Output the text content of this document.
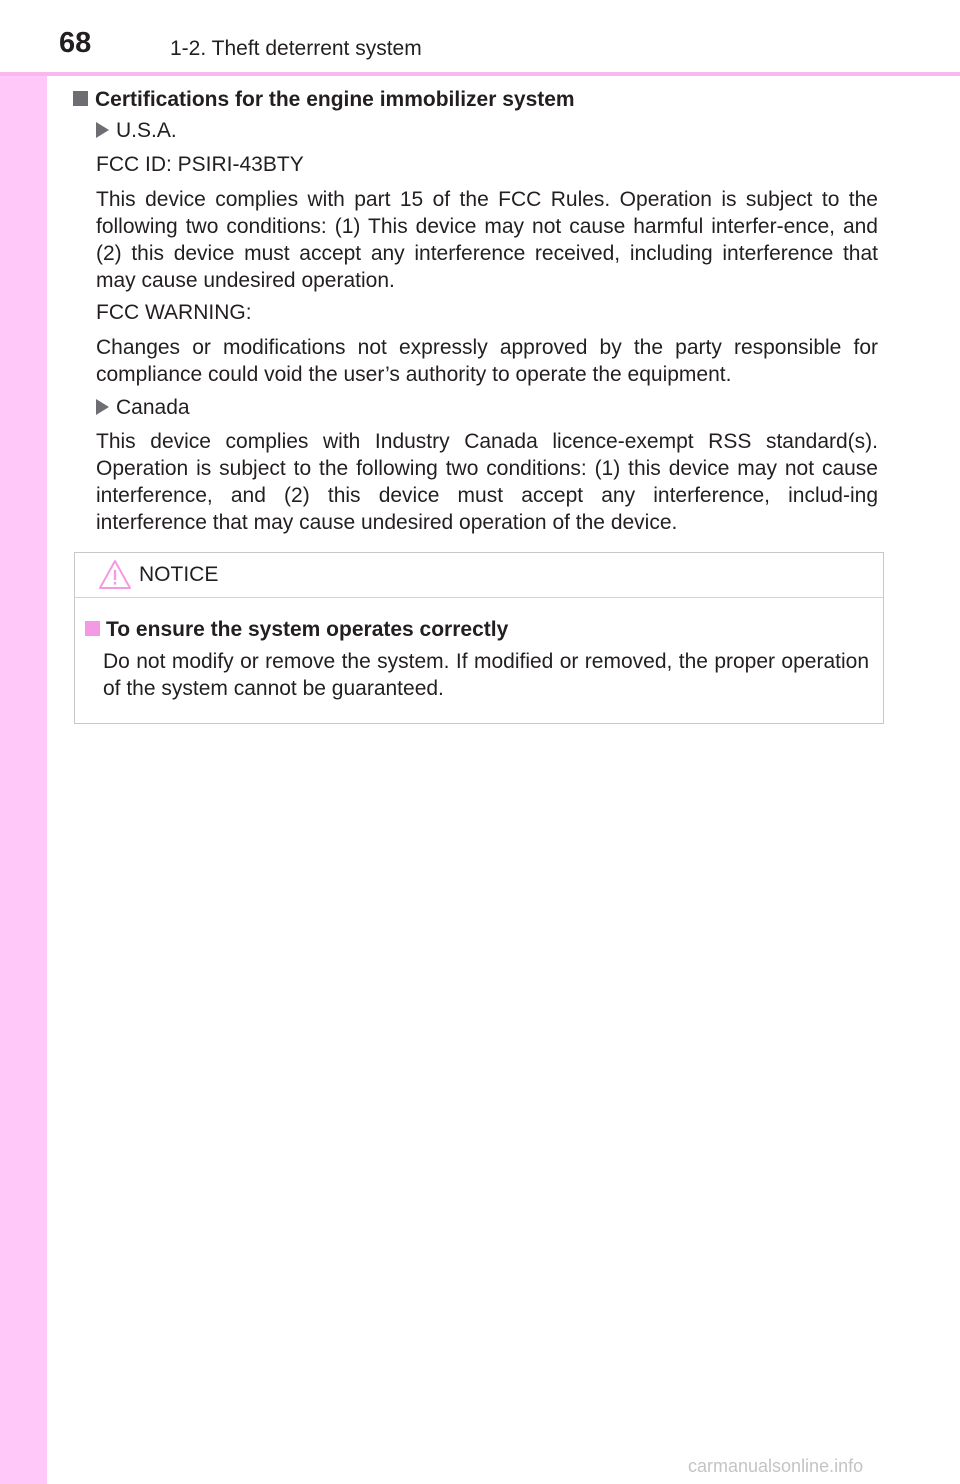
68	1-2. Theft deterrent system
Certifications for the engine immobilizer system
U.S.A.
FCC ID: PSIRI-43BTY
This device complies with part 15 of the FCC Rules. Operation is subject to the following two conditions: (1) This device may not cause harmful interfer-ence, and (2) this device must accept any interference received, including interference that may cause undesired operation.
FCC WARNING:
Changes or modifications not expressly approved by the party responsible for compliance could void the user’s authority to operate the equipment.
Canada
This device complies with Industry Canada licence-exempt RSS standard(s). Operation is subject to the following two conditions: (1) this device may not cause interference, and (2) this device must accept any interference, includ-ing interference that may cause undesired operation of the device.
NOTICE
To ensure the system operates correctly
Do not modify or remove the system. If modified or removed, the proper operation of the system cannot be guaranteed.
carmanualsonline.info
